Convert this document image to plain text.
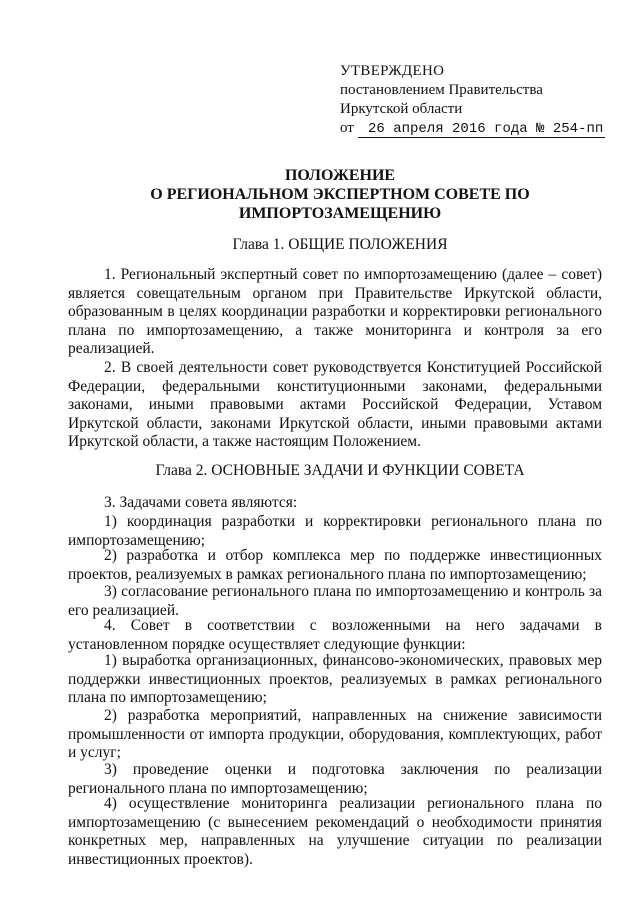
УТВЕРЖДЕНО
постановлением Правительства
Иркутской области
от 26 апреля 2016 года № 254-пп
ПОЛОЖЕНИЕ
О РЕГИОНАЛЬНОМ ЭКСПЕРТНОМ СОВЕТЕ ПО
ИМПОРТОЗАМЕЩЕНИЮ
Глава 1. ОБЩИЕ ПОЛОЖЕНИЯ

1. Региональный экспертный совет по импортозамещению (далее – совет) является совещательным органом при Правительстве Иркутской области, образованным в целях координации разработки и корректировки регионального плана по импортозамещению, а также мониторинга и контроля за его реализацией.

2. В своей деятельности совет руководствуется Конституцией Российской Федерации, федеральными конституционными законами, федеральными законами, иными правовыми актами Российской Федерации, Уставом Иркутской области, законами Иркутской области, иными правовыми актами Иркутской области, а также настоящим Положением.

Глава 2. ОСНОВНЫЕ ЗАДАЧИ И ФУНКЦИИ СОВЕТА

3. Задачами совета являются:

1) координация разработки и корректировки регионального плана по импортозамещению;

2) разработка и отбор комплекса мер по поддержке инвестиционных проектов, реализуемых в рамках регионального плана по импортозамещению;

3) согласование регионального плана по импортозамещению и контроль за его реализацией.

4. Совет в соответствии с возложенными на него задачами в установленном порядке осуществляет следующие функции:

1) выработка организационных, финансово-экономических, правовых мер поддержки инвестиционных проектов, реализуемых в рамках регионального плана по импортозамещению;

2) разработка мероприятий, направленных на снижение зависимости промышленности от импорта продукции, оборудования, комплектующих, работ и услуг;

3) проведение оценки и подготовка заключения по реализации регионального плана по импортозамещению;

4) осуществление мониторинга реализации регионального плана по импортозамещению (с вынесением рекомендаций о необходимости принятия конкретных мер, направленных на улучшение ситуации по реализации инвестиционных проектов).
